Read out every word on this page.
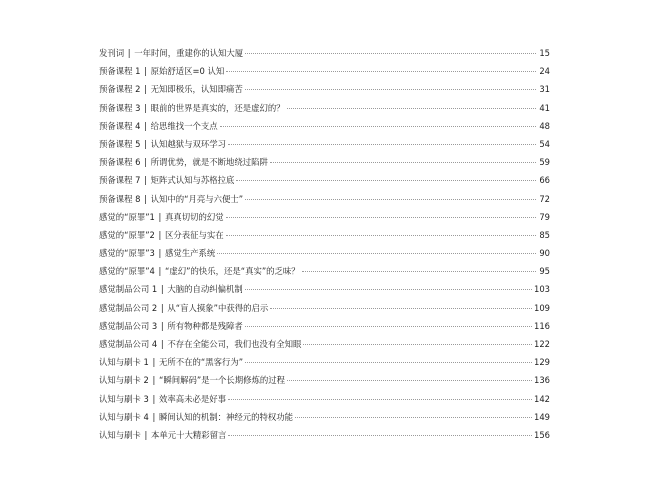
发刊词 | 一年时间，重建你的认知大厦	15
预备课程 1 | 原始舒适区=0 认知	24
预备课程 2 | 无知即极乐，认知即痛苦	31
预备课程 3 | 眼前的世界是真实的，还是虚幻的？	41
预备课程 4 | 给思维找一个支点	48
预备课程 5 | 认知越狱与双环学习	54
预备课程 6 | 所谓优势，就是不断地绕过陷阱	59
预备课程 7 | 矩阵式认知与苏格拉底	66
预备课程 8 | 认知中的“月亮与六便士”	72
感觉的“原罪”1 | 真真切切的幻觉	79
感觉的“原罪”2 | 区分表征与实在	85
感觉的“原罪”3 | 感觉生产系统	90
感觉的“原罪”4 | “虚幻”的快乐，还是“真实”的乏味？	95
感觉制品公司 1 | 大脑的自动纠偏机制	103
感觉制品公司 2 | 从“盲人摸象”中获得的启示	109
感觉制品公司 3 | 所有物种都是残障者	116
感觉制品公司 4 | 不存在全能公司，我们也没有全知眼	122
认知与刷卡 1 | 无所不在的“黑客行为”	129
认知与刷卡 2 | “瞬间解码”是一个长期修炼的过程	136
认知与刷卡 3 | 效率高未必是好事	142
认知与刷卡 4 | 瞬间认知的机制：神经元的特权功能	149
认知与刷卡 | 本单元十大精彩留言	156
